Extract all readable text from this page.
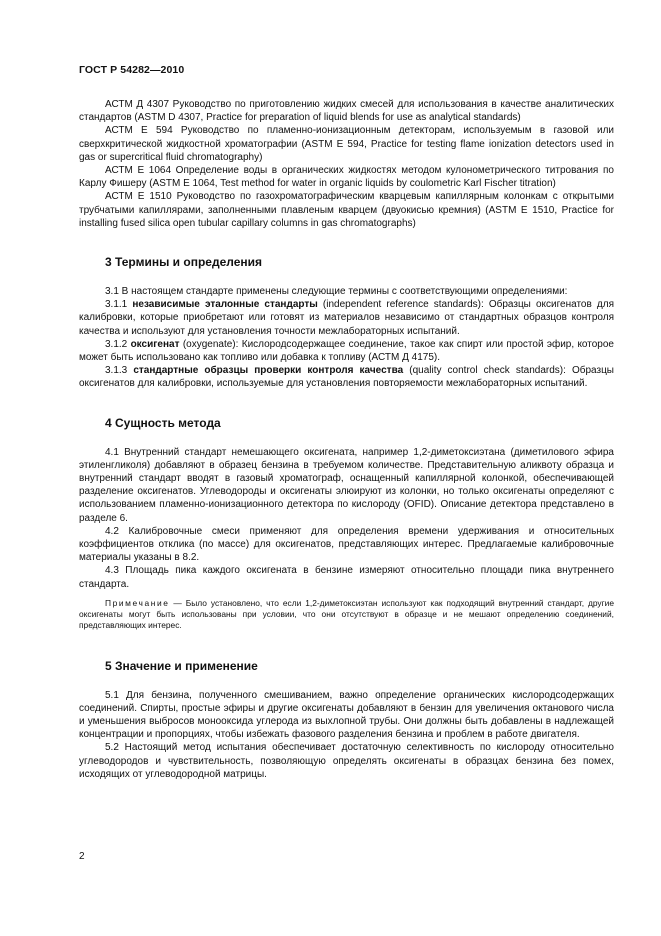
ГОСТ Р 54282—2010

АСТМ Д 4307 Руководство по приготовлению жидких смесей для использования в качестве аналитических стандартов (ASTM D 4307, Practice for preparation of liquid blends for use as analytical standards)

АСТМ Е 594 Руководство по пламенно-ионизационным детекторам, используемым в газовой или сверхкритической жидкостной хроматографии (ASTM E 594, Practice for testing flame ionization detectors used in gas or supercritical fluid chromatography)

АСТМ Е 1064 Определение воды в органических жидкостях методом кулонометрического титрования по Карлу Фишеру (ASTM E 1064, Test method for water in organic liquids by coulometric Karl Fischer titration)

АСТМ Е 1510 Руководство по газохроматографическим кварцевым капиллярным колонкам с открытыми трубчатыми капиллярами, заполненными плавленым кварцем (двуокисью кремния) (ASTM E 1510, Practice for installing fused silica open tubular capillary columns in gas chromatographs)

3 Термины и определения

3.1 В настоящем стандарте применены следующие термины с соответствующими определениями:

3.1.1 независимые эталонные стандарты (independent reference standards): Образцы оксигенатов для калибровки, которые приобретают или готовят из материалов независимо от стандартных образцов контроля качества и используют для установления точности межлабораторных испытаний.

3.1.2 оксигенат (oxygenate): Кислородсодержащее соединение, такое как спирт или простой эфир, которое может быть использовано как топливо или добавка к топливу (АСТМ Д 4175).

3.1.3 стандартные образцы проверки контроля качества (quality control check standards): Образцы оксигенатов для калибровки, используемые для установления повторяемости межлабораторных испытаний.

4 Сущность метода

4.1 Внутренний стандарт немешающего оксигената, например 1,2-диметоксиэтана (диметилового эфира этиленгликоля) добавляют в образец бензина в требуемом количестве. Представительную аликвоту образца и внутренний стандарт вводят в газовый хроматограф, оснащенный капиллярной колонкой, обеспечивающей разделение оксигенатов. Углеводороды и оксигенаты элюируют из колонки, но только оксигенаты определяют с использованием пламенно-ионизационного детектора по кислороду (OFID). Описание детектора представлено в разделе 6.

4.2 Калибровочные смеси применяют для определения времени удерживания и относительных коэффициентов отклика (по массе) для оксигенатов, представляющих интерес. Предлагаемые калибровочные материалы указаны в 8.2.

4.3 Площадь пика каждого оксигената в бензине измеряют относительно площади пика внутреннего стандарта.

Примечание — Было установлено, что если 1,2-диметоксиэтан используют как подходящий внутренний стандарт, другие оксигенаты могут быть использованы при условии, что они отсутствуют в образце и не мешают определению соединений, представляющих интерес.

5 Значение и применение

5.1 Для бензина, полученного смешиванием, важно определение органических кислородсодержащих соединений. Спирты, простые эфиры и другие оксигенаты добавляют в бензин для увеличения октанового числа и уменьшения выбросов монооксида углерода из выхлопной трубы. Они должны быть добавлены в надлежащей концентрации и пропорциях, чтобы избежать фазового разделения бензина и проблем в работе двигателя.

5.2 Настоящий метод испытания обеспечивает достаточную селективность по кислороду относительно углеводородов и чувствительность, позволяющую определять оксигенаты в образцах бензина без помех, исходящих от углеводородной матрицы.

2
